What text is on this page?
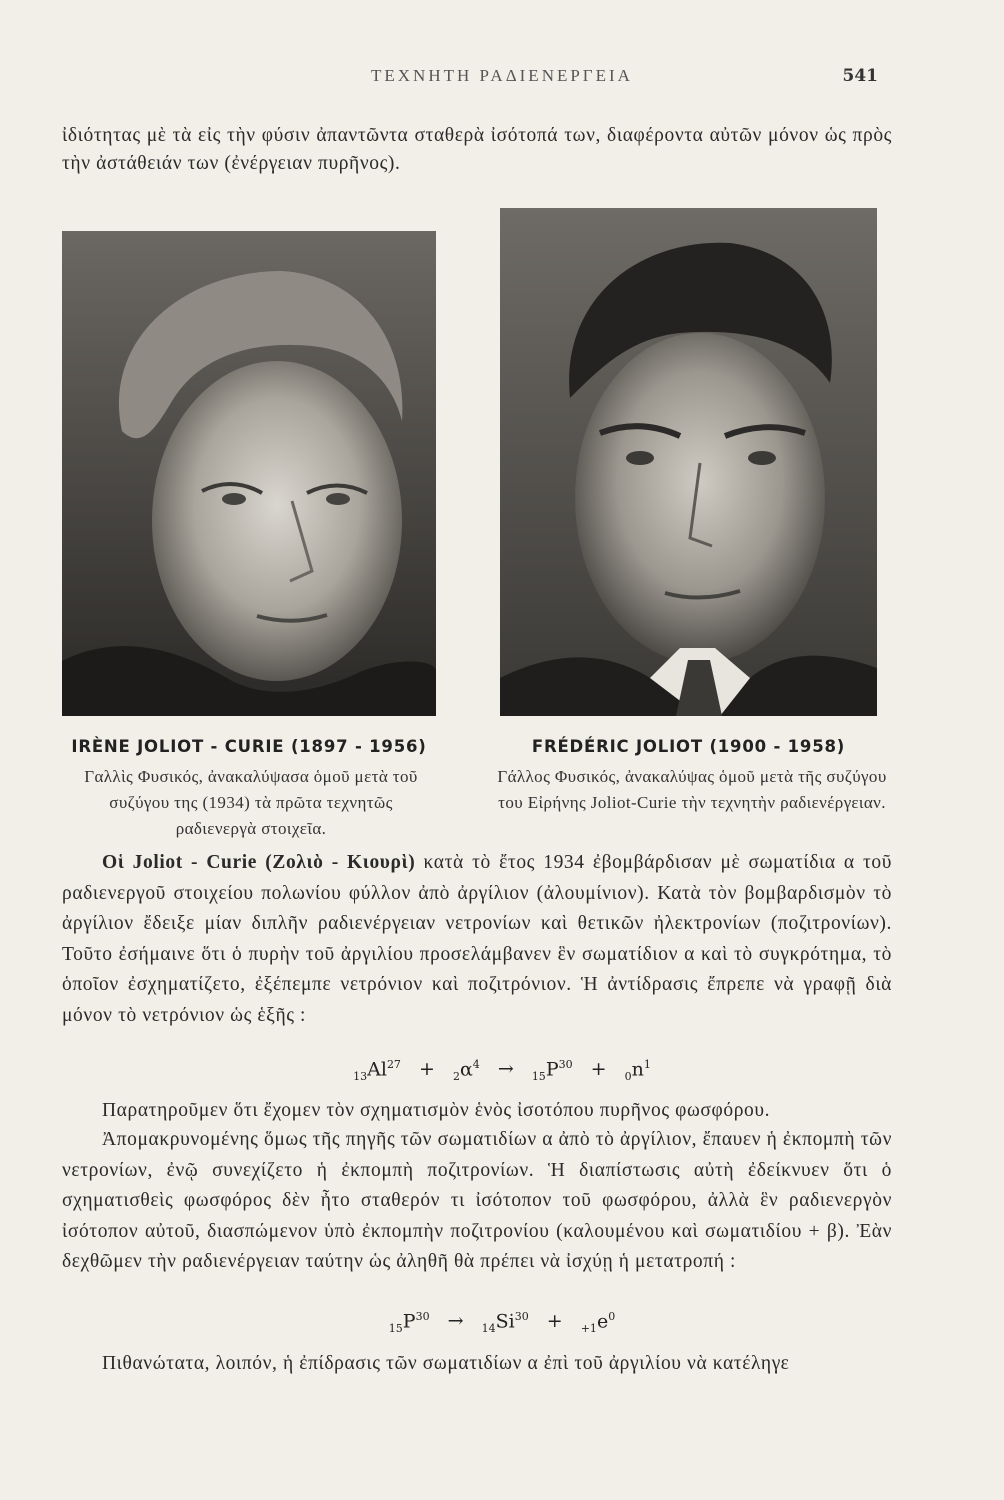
ΤΕΧΝΗΤΗ ΡΑΔΙΕΝΕΡΓΕΙΑ	541
ἰδιότητας μὲ τὰ εἰς τὴν φύσιν ἀπαντῶντα σταθερὰ ἰσότοπά των, διαφέροντα αὐτῶν μόνον ὡς πρὸς τὴν ἀστάθειάν των (ἐνέργειαν πυρῆνος).
IRÈNE JOLIOT - CURIE (1897 - 1956)
Γαλλὶς Φυσικός, ἀνακαλύψασα ὁμοῦ μετὰ τοῦ συζύγου της (1934) τὰ πρῶτα τεχνητῶς ραδιενεργὰ στοιχεῖα.
FRÉDÉRIC JOLIOT (1900 - 1958)
Γάλλος Φυσικός, ἀνακαλύψας ὁμοῦ μετὰ τῆς συζύγου του Εἰρήνης Joliot-Curie τὴν τεχνητὴν ραδιενέργειαν.
Οἱ Joliot - Curie (Ζολιὸ - Κιουρὶ) κατὰ τὸ ἔτος 1934 ἐβομβάρδισαν μὲ σωματίδια α τοῦ ραδιενεργοῦ στοιχείου πολωνίου φύλλον ἀπὸ ἀργίλιον (ἀλουμίνιον). Κατὰ τὸν βομβαρδισμὸν τὸ ἀργίλιον ἔδειξε μίαν διπλῆν ραδιενέργειαν νετρονίων καὶ θετικῶν ἠλεκτρονίων (ποζιτρονίων). Τοῦτο ἐσήμαινε ὅτι ὁ πυρὴν τοῦ ἀργιλίου προσελάμβανεν ἓν σωματίδιον α καὶ τὸ συγκρότημα, τὸ ὁποῖον ἐσχηματίζετο, ἐξέπεμπε νετρόνιον καὶ ποζιτρόνιον. Ἡ ἀντίδρασις ἔπρεπε νὰ γραφῇ διὰ μόνον τὸ νετρόνιον ὡς ἑξῆς :
$_{13}Al^{27} + _2\alpha^4 \to _{15}P^{30} + _0n^1$
Παρατηροῦμεν ὅτι ἔχομεν τὸν σχηματισμὸν ἑνὸς ἰσοτόπου πυρῆνος φωσφόρου.
Ἀπομακρυνομένης ὅμως τῆς πηγῆς τῶν σωματιδίων α ἀπὸ τὸ ἀργίλιον, ἔπαυεν ἡ ἐκπομπὴ τῶν νετρονίων, ἐνῷ συνεχίζετο ἡ ἐκπομπὴ ποζιτρονίων. Ἡ διαπίστωσις αὐτὴ ἐδείκνυεν ὅτι ὁ σχηματισθεὶς φωσφόρος δὲν ἦτο σταθερόν τι ἰσότοπον τοῦ φωσφόρου, ἀλλὰ ἓν ραδιενεργὸν ἰσότοπον αὐτοῦ, διασπώμενον ὑπὸ ἐκπομπὴν ποζιτρονίου (καλουμένου καὶ σωματιδίου + β). Ἐὰν δεχθῶμεν τὴν ραδιενέργειαν ταύτην ὡς ἀληθῆ θὰ πρέπει νὰ ἰσχύῃ ἡ μετατροπή :
$_{15}P^{30} \to _{14}Si^{30} + _{+1}e^0$
Πιθανώτατα, λοιπόν, ἡ ἐπίδρασις τῶν σωματιδίων α ἐπὶ τοῦ ἀργιλίου νὰ κατέληγε
